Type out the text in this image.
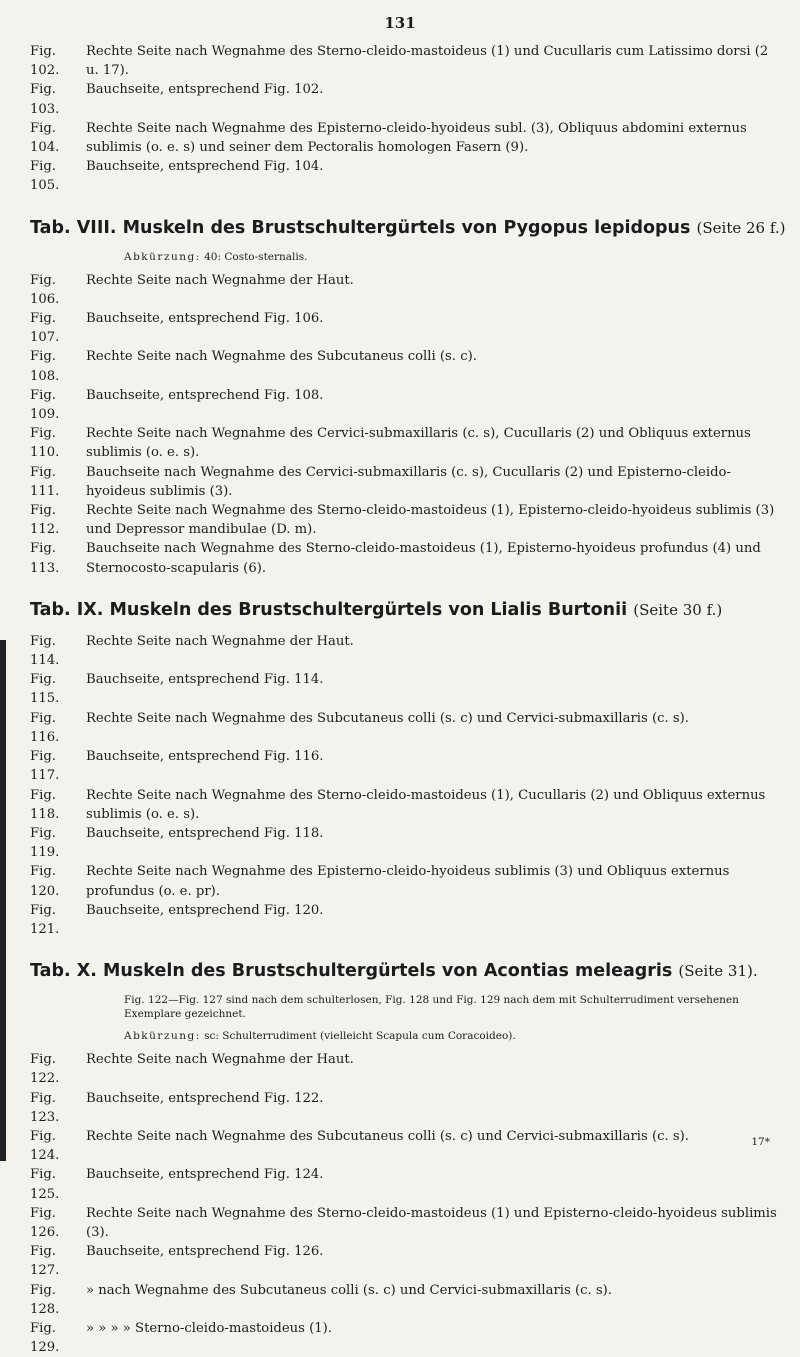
131
Fig. 102.
Rechte Seite nach Wegnahme des Sterno-cleido-mastoideus (1) und Cucullaris cum Latissimo dorsi (2 u. 17).
Fig. 103.
Bauchseite, entsprechend Fig. 102.
Fig. 104.
Rechte Seite nach Wegnahme des Episterno-cleido-hyoideus subl. (3), Obliquus abdomini externus sublimis (o. e. s) und seiner dem Pectoralis homologen Fasern (9).
Fig. 105.
Bauchseite, entsprechend Fig. 104.
Tab. VIII. Muskeln des Brustschultergürtels von Pygopus lepidopus (Seite 26 f.)
Abkürzung: 40: Costo-sternalis.
Fig. 106.
Rechte Seite nach Wegnahme der Haut.
Fig. 107.
Bauchseite, entsprechend Fig. 106.
Fig. 108.
Rechte Seite nach Wegnahme des Subcutaneus colli (s. c).
Fig. 109.
Bauchseite, entsprechend Fig. 108.
Fig. 110.
Rechte Seite nach Wegnahme des Cervici-submaxillaris (c. s), Cucullaris (2) und Obliquus externus sublimis (o. e. s).
Fig. 111.
Bauchseite nach Wegnahme des Cervici-submaxillaris (c. s), Cucullaris (2) und Episterno-cleido-hyoideus sublimis (3).
Fig. 112.
Rechte Seite nach Wegnahme des Sterno-cleido-mastoideus (1), Episterno-cleido-hyoideus sublimis (3) und Depressor mandibulae (D. m).
Fig. 113.
Bauchseite nach Wegnahme des Sterno-cleido-mastoideus (1), Episterno-hyoideus profundus (4) und Sternocosto-scapularis (6).
Tab. IX. Muskeln des Brustschultergürtels von Lialis Burtonii (Seite 30 f.)
Fig. 114.
Rechte Seite nach Wegnahme der Haut.
Fig. 115.
Bauchseite, entsprechend Fig. 114.
Fig. 116.
Rechte Seite nach Wegnahme des Subcutaneus colli (s. c) und Cervici-submaxillaris (c. s).
Fig. 117.
Bauchseite, entsprechend Fig. 116.
Fig. 118.
Rechte Seite nach Wegnahme des Sterno-cleido-mastoideus (1), Cucullaris (2) und Obliquus externus sublimis (o. e. s).
Fig. 119.
Bauchseite, entsprechend Fig. 118.
Fig. 120.
Rechte Seite nach Wegnahme des Episterno-cleido-hyoideus sublimis (3) und Obliquus externus profundus (o. e. pr).
Fig. 121.
Bauchseite, entsprechend Fig. 120.
Tab. X. Muskeln des Brustschultergürtels von Acontias meleagris (Seite 31).
Fig. 122—Fig. 127 sind nach dem schulterlosen, Fig. 128 und Fig. 129 nach dem mit Schulterrudiment versehenen Exemplare gezeichnet.
Abkürzung: sc: Schulterrudiment (vielleicht Scapula cum Coracoideo).
Fig. 122.
Rechte Seite nach Wegnahme der Haut.
Fig. 123.
Bauchseite, entsprechend Fig. 122.
Fig. 124.
Rechte Seite nach Wegnahme des Subcutaneus colli (s. c) und Cervici-submaxillaris (c. s).
Fig. 125.
Bauchseite, entsprechend Fig. 124.
Fig. 126.
Rechte Seite nach Wegnahme des Sterno-cleido-mastoideus (1) und Episterno-cleido-hyoideus sublimis (3).
Fig. 127.
Bauchseite, entsprechend Fig. 126.
Fig. 128.
» nach Wegnahme des Subcutaneus colli (s. c) und Cervici-submaxillaris (c. s).
Fig. 129.
» » » » Sterno-cleido-mastoideus (1).
17*
